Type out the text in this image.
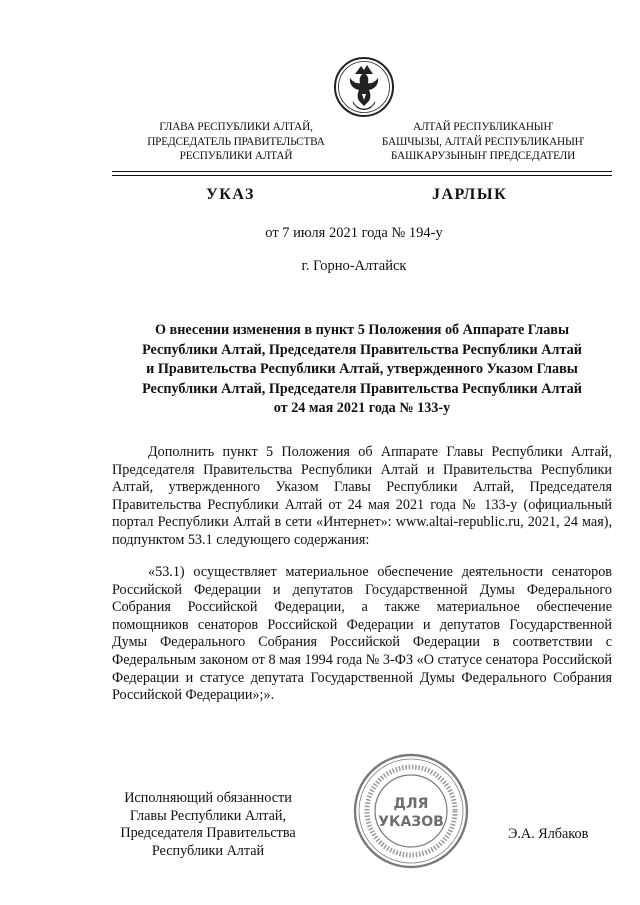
ГЛАВА РЕСПУБЛИКИ АЛТАЙ,
ПРЕДСЕДАТЕЛЬ ПРАВИТЕЛЬСТВА
РЕСПУБЛИКИ АЛТАЙ
АЛТАЙ РЕСПУБЛИКАНЫҤ
БАШЧЫЗЫ, АЛТАЙ РЕСПУБЛИКАНЫҤ
БАШКАРУЗЫНЫҤ ПРЕДСЕДАТЕЛИ
УКАЗ	JАРЛЫК
от 7 июля 2021 года № 194-у
г. Горно-Алтайск
О внесении изменения в пункт 5 Положения об Аппарате Главы
Республики Алтай, Председателя Правительства Республики Алтай
и Правительства Республики Алтай, утвержденного Указом Главы
Республики Алтай, Председателя Правительства Республики Алтай
от 24 мая 2021 года № 133-у
Дополнить пункт 5 Положения об Аппарате Главы Республики Алтай, Председателя Правительства Республики Алтай и Правительства Республики Алтай, утвержденного Указом Главы Республики Алтай, Председателя Правительства Республики Алтай от 24 мая 2021 года № 133-у (официальный портал Республики Алтай в сети «Интернет»: www.altai-republic.ru, 2021, 24 мая), подпунктом 53.1 следующего содержания:
«53.1) осуществляет материальное обеспечение деятельности сенаторов Российской Федерации и депутатов Государственной Думы Федерального Собрания Российской Федерации, а также материальное обеспечение помощников сенаторов Российской Федерации и депутатов Государственной Думы Федерального Собрания Российской Федерации в соответствии с Федеральным законом от 8 мая 1994 года № 3-ФЗ «О статусе сенатора Российской Федерации и статусе депутата Государственной Думы Федерального Собрания Российской Федерации»;».
Исполняющий обязанности
Главы Республики Алтай,
Председателя Правительства
Республики Алтай
ДЛЯ
УКАЗОВ
Э.А. Ялбаков
